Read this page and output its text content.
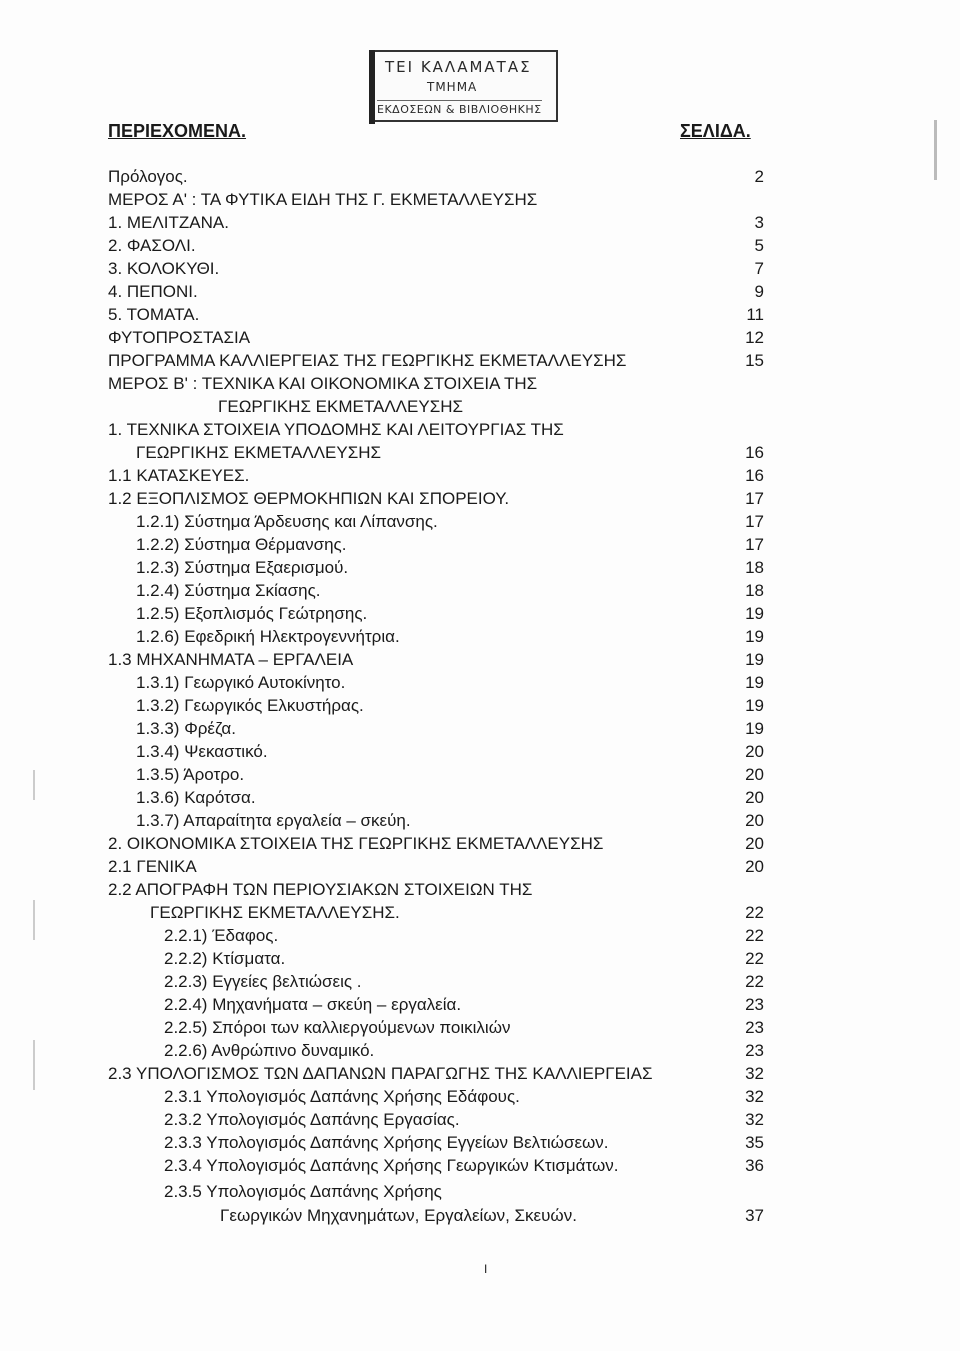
ΤΕΙ ΚΑΛΑΜΑΤΑΣ
ΤΜΗΜΑ
ΕΚΔΟΣΕΩΝ & ΒΙΒΛΙΟΘΗΚΗΣ
ΠΕΡΙΕΧΟΜΕΝΑ.	ΣΕΛΙΔΑ.
Πρόλογος.	2
ΜΕΡΟΣ Α' : ΤΑ ΦΥΤΙΚΑ ΕΙΔΗ ΤΗΣ Γ. ΕΚΜΕΤΑΛΛΕΥΣΗΣ
1. ΜΕΛΙΤΖΑΝΑ.	3
2. ΦΑΣΟΛΙ.	5
3. ΚΟΛΟΚΥΘΙ.	7
4. ΠΕΠΟΝΙ.	9
5. ΤΟΜΑΤΑ.	11
ΦΥΤΟΠΡΟΣΤΑΣΙΑ	12
ΠΡΟΓΡΑΜΜΑ ΚΑΛΛΙΕΡΓΕΙΑΣ ΤΗΣ ΓΕΩΡΓΙΚΗΣ ΕΚΜΕΤΑΛΛΕΥΣΗΣ	15
ΜΕΡΟΣ Β' : ΤΕΧΝΙΚΑ ΚΑΙ ΟΙΚΟΝΟΜΙΚΑ ΣΤΟΙΧΕΙΑ ΤΗΣ
ΓΕΩΡΓΙΚΗΣ ΕΚΜΕΤΑΛΛΕΥΣΗΣ
1. ΤΕΧΝΙΚΑ ΣΤΟΙΧΕΙΑ ΥΠΟΔΟΜΗΣ ΚΑΙ ΛΕΙΤΟΥΡΓΙΑΣ ΤΗΣ
ΓΕΩΡΓΙΚΗΣ ΕΚΜΕΤΑΛΛΕΥΣΗΣ	16
1.1 ΚΑΤΑΣΚΕΥΕΣ.	16
1.2 ΕΞΟΠΛΙΣΜΟΣ ΘΕΡΜΟΚΗΠΙΩΝ ΚΑΙ ΣΠΟΡΕΙΟΥ.	17
1.2.1) Σύστημα Άρδευσης και Λίπανσης.	17
1.2.2) Σύστημα Θέρμανσης.	17
1.2.3) Σύστημα Εξαερισμού.	18
1.2.4) Σύστημα Σκίασης.	18
1.2.5) Εξοπλισμός Γεώτρησης.	19
1.2.6) Εφεδρική Ηλεκτρογεννήτρια.	19
1.3 ΜΗΧΑΝΗΜΑΤΑ – ΕΡΓΑΛΕΙΑ	19
1.3.1) Γεωργικό Αυτοκίνητο.	19
1.3.2) Γεωργικός Ελκυστήρας.	19
1.3.3) Φρέζα.	19
1.3.4) Ψεκαστικό.	20
1.3.5) Άροτρο.	20
1.3.6) Καρότσα.	20
1.3.7) Απαραίτητα εργαλεία – σκεύη.	20
2. ΟΙΚΟΝΟΜΙΚΑ ΣΤΟΙΧΕΙΑ ΤΗΣ ΓΕΩΡΓΙΚΗΣ ΕΚΜΕΤΑΛΛΕΥΣΗΣ	20
2.1 ΓΕΝΙΚΑ	20
2.2 ΑΠΟΓΡΑΦΗ ΤΩΝ ΠΕΡΙΟΥΣΙΑΚΩΝ ΣΤΟΙΧΕΙΩΝ ΤΗΣ
ΓΕΩΡΓΙΚΗΣ ΕΚΜΕΤΑΛΛΕΥΣΗΣ.	22
2.2.1) Έδαφος.	22
2.2.2) Κτίσματα.	22
2.2.3) Εγγείες βελτιώσεις .	22
2.2.4) Μηχανήματα – σκεύη – εργαλεία.	23
2.2.5) Σπόροι των καλλιεργούμενων ποικιλιών	23
2.2.6) Ανθρώπινο δυναμικό.	23
2.3 ΥΠΟΛΟΓΙΣΜΟΣ ΤΩΝ ΔΑΠΑΝΩΝ ΠΑΡΑΓΩΓΗΣ ΤΗΣ ΚΑΛΛΙΕΡΓΕΙΑΣ	32
2.3.1 Υπολογισμός Δαπάνης Χρήσης Εδάφους.	32
2.3.2 Υπολογισμός Δαπάνης Εργασίας.	32
2.3.3 Υπολογισμός Δαπάνης Χρήσης Εγγείων Βελτιώσεων.	35
2.3.4 Υπολογισμός Δαπάνης Χρήσης Γεωργικών Κτισμάτων.	36
2.3.5 Υπολογισμός Δαπάνης Χρήσης
Γεωργικών Μηχανημάτων, Εργαλείων, Σκευών.	37
I
